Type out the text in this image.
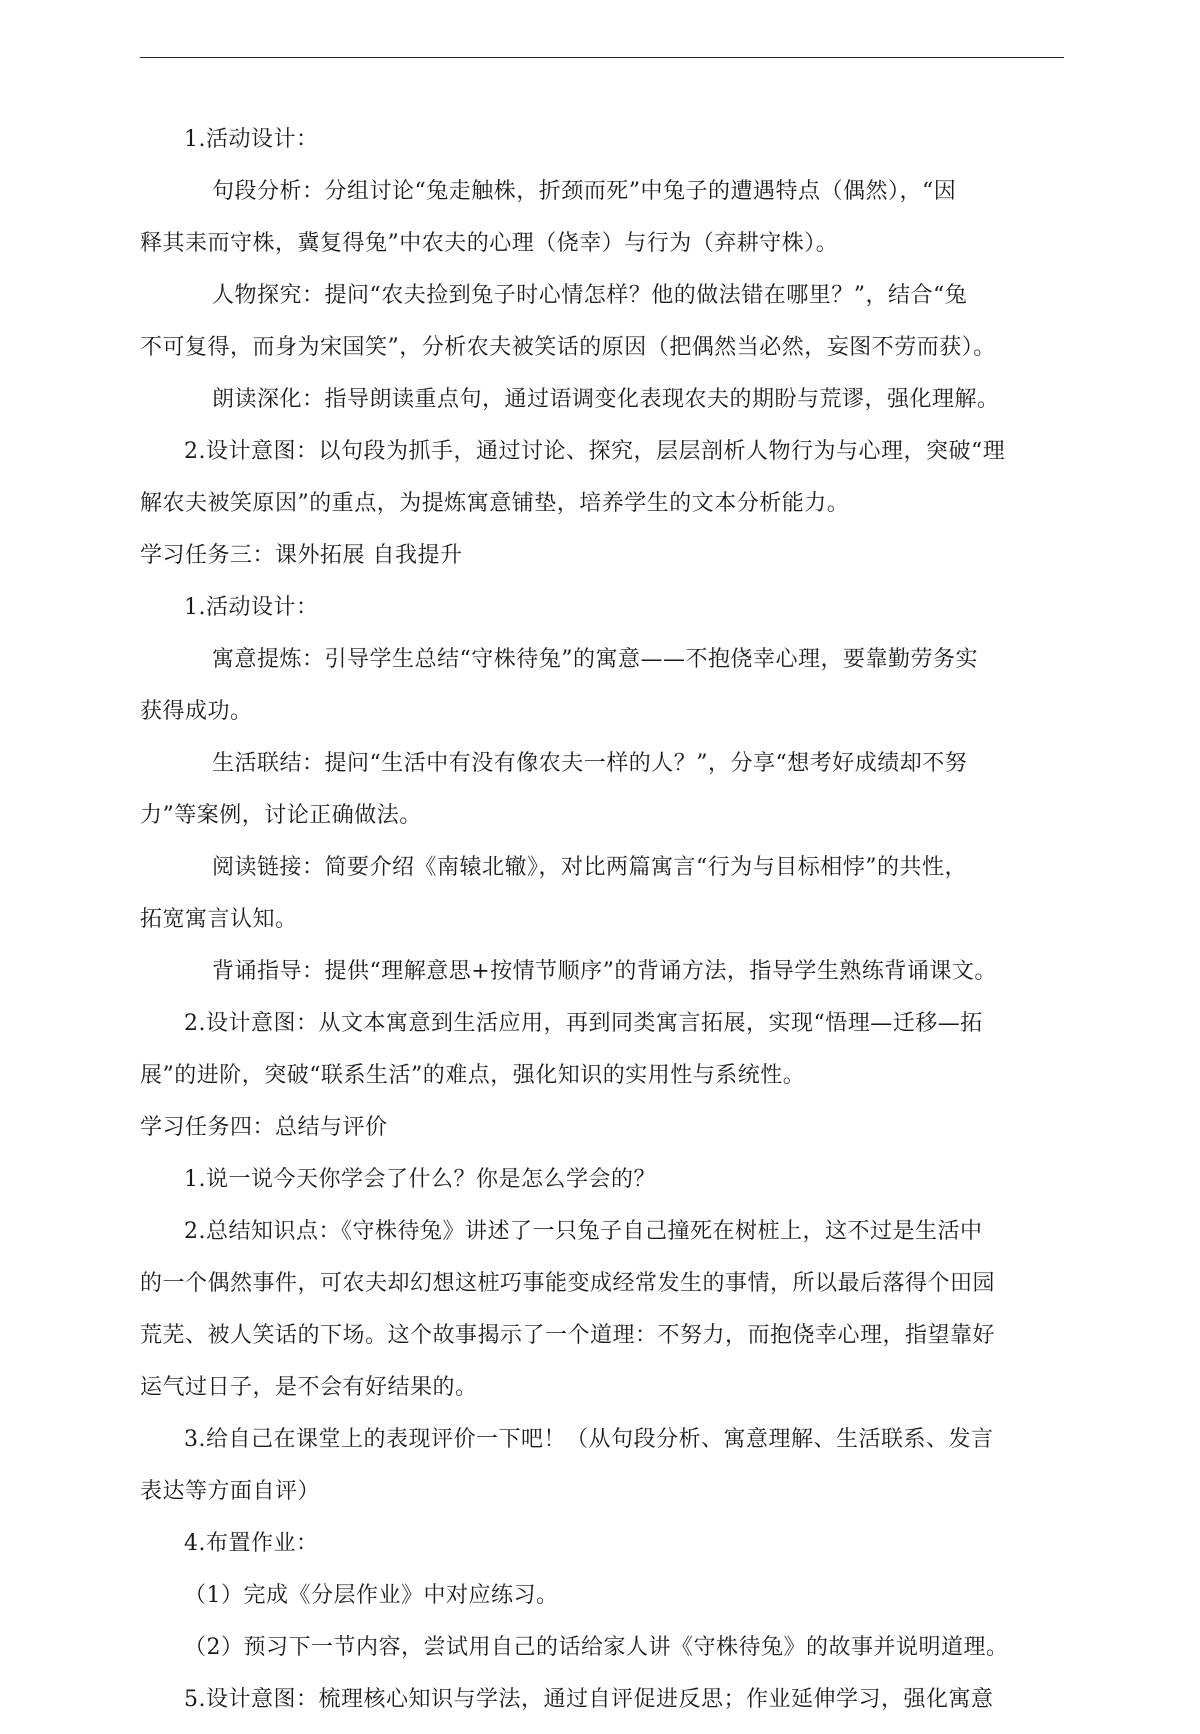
1.活动设计：
句段分析：分组讨论“兔走触株，折颈而死”中兔子的遭遇特点（偶然），“因
释其耒而守株，冀复得兔”中农夫的心理（侥幸）与行为（弃耕守株）。
人物探究：提问“农夫捡到兔子时心情怎样？他的做法错在哪里？”，结合“兔
不可复得，而身为宋国笑”，分析农夫被笑话的原因（把偶然当必然，妄图不劳而获）。
朗读深化：指导朗读重点句，通过语调变化表现农夫的期盼与荒谬，强化理解。
2.设计意图：以句段为抓手，通过讨论、探究，层层剖析人物行为与心理，突破“理
解农夫被笑原因”的重点，为提炼寓意铺垫，培养学生的文本分析能力。
学习任务三：课外拓展 自我提升
1.活动设计：
寓意提炼：引导学生总结“守株待兔”的寓意——不抱侥幸心理，要靠勤劳务实
获得成功。
生活联结：提问“生活中有没有像农夫一样的人？”，分享“想考好成绩却不努
力”等案例，讨论正确做法。
阅读链接：简要介绍《南辕北辙》，对比两篇寓言“行为与目标相悖”的共性，
拓宽寓言认知。
背诵指导：提供“理解意思+按情节顺序”的背诵方法，指导学生熟练背诵课文。
2.设计意图：从文本寓意到生活应用，再到同类寓言拓展，实现“悟理—迁移—拓
展”的进阶，突破“联系生活”的难点，强化知识的实用性与系统性。
学习任务四：总结与评价
1.说一说今天你学会了什么？你是怎么学会的？
2.总结知识点：《守株待兔》讲述了一只兔子自己撞死在树桩上，这不过是生活中
的一个偶然事件，可农夫却幻想这桩巧事能变成经常发生的事情，所以最后落得个田园
荒芜、被人笑话的下场。这个故事揭示了一个道理：不努力，而抱侥幸心理，指望靠好
运气过日子，是不会有好结果的。
3.给自己在课堂上的表现评价一下吧！（从句段分析、寓意理解、生活联系、发言
表达等方面自评）
4.布置作业：
（1）完成《分层作业》中对应练习。
（2）预习下一节内容，尝试用自己的话给家人讲《守株待兔》的故事并说明道理。
5.设计意图：梳理核心知识与学法，通过自评促进反思；作业延伸学习，强化寓意
